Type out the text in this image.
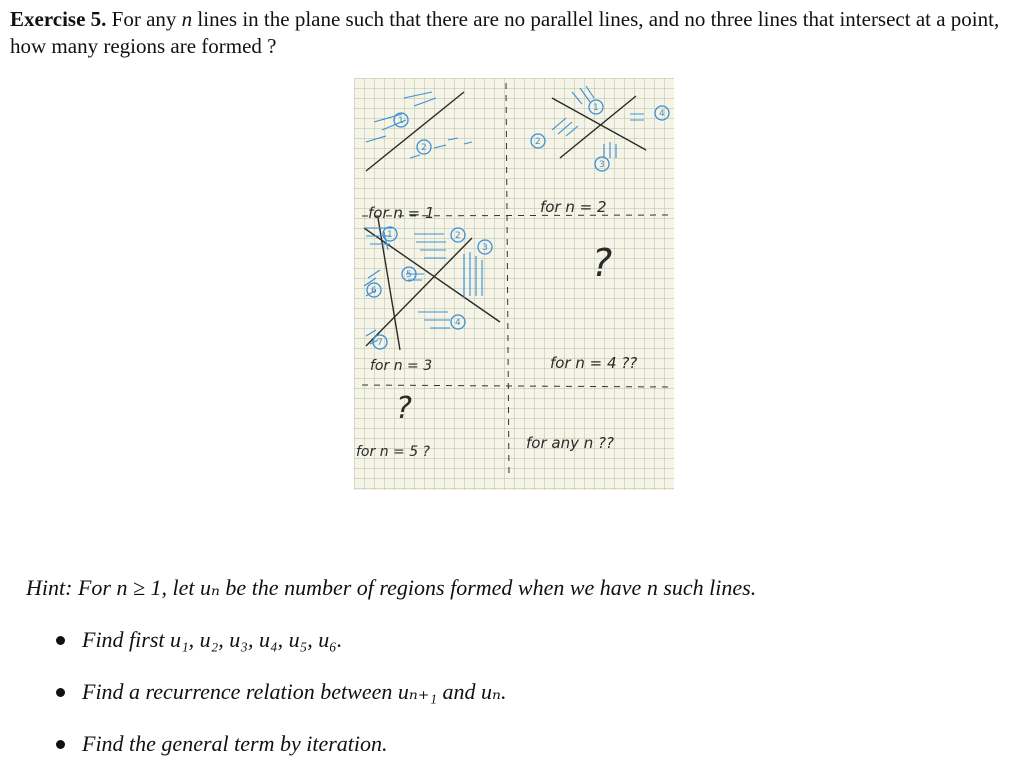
Exercise 5. For any n lines in the plane such that there are no parallel lines, and no three lines that intersect at a point, how many regions are formed ?
1
2
1
2
3
4
for n = 1	for n = 2
1	2
3
4
5
6
7
?
for n = 3	for n = 4 ??
?
for n = 5 ?	for any n ??
Hint: For n ≥ 1, let uₙ be the number of regions formed when we have n such lines.
Find first u₁, u₂, u₃, u₄, u₅, u₆.
Find a recurrence relation between uₙ₊₁ and uₙ.
Find the general term by iteration.
